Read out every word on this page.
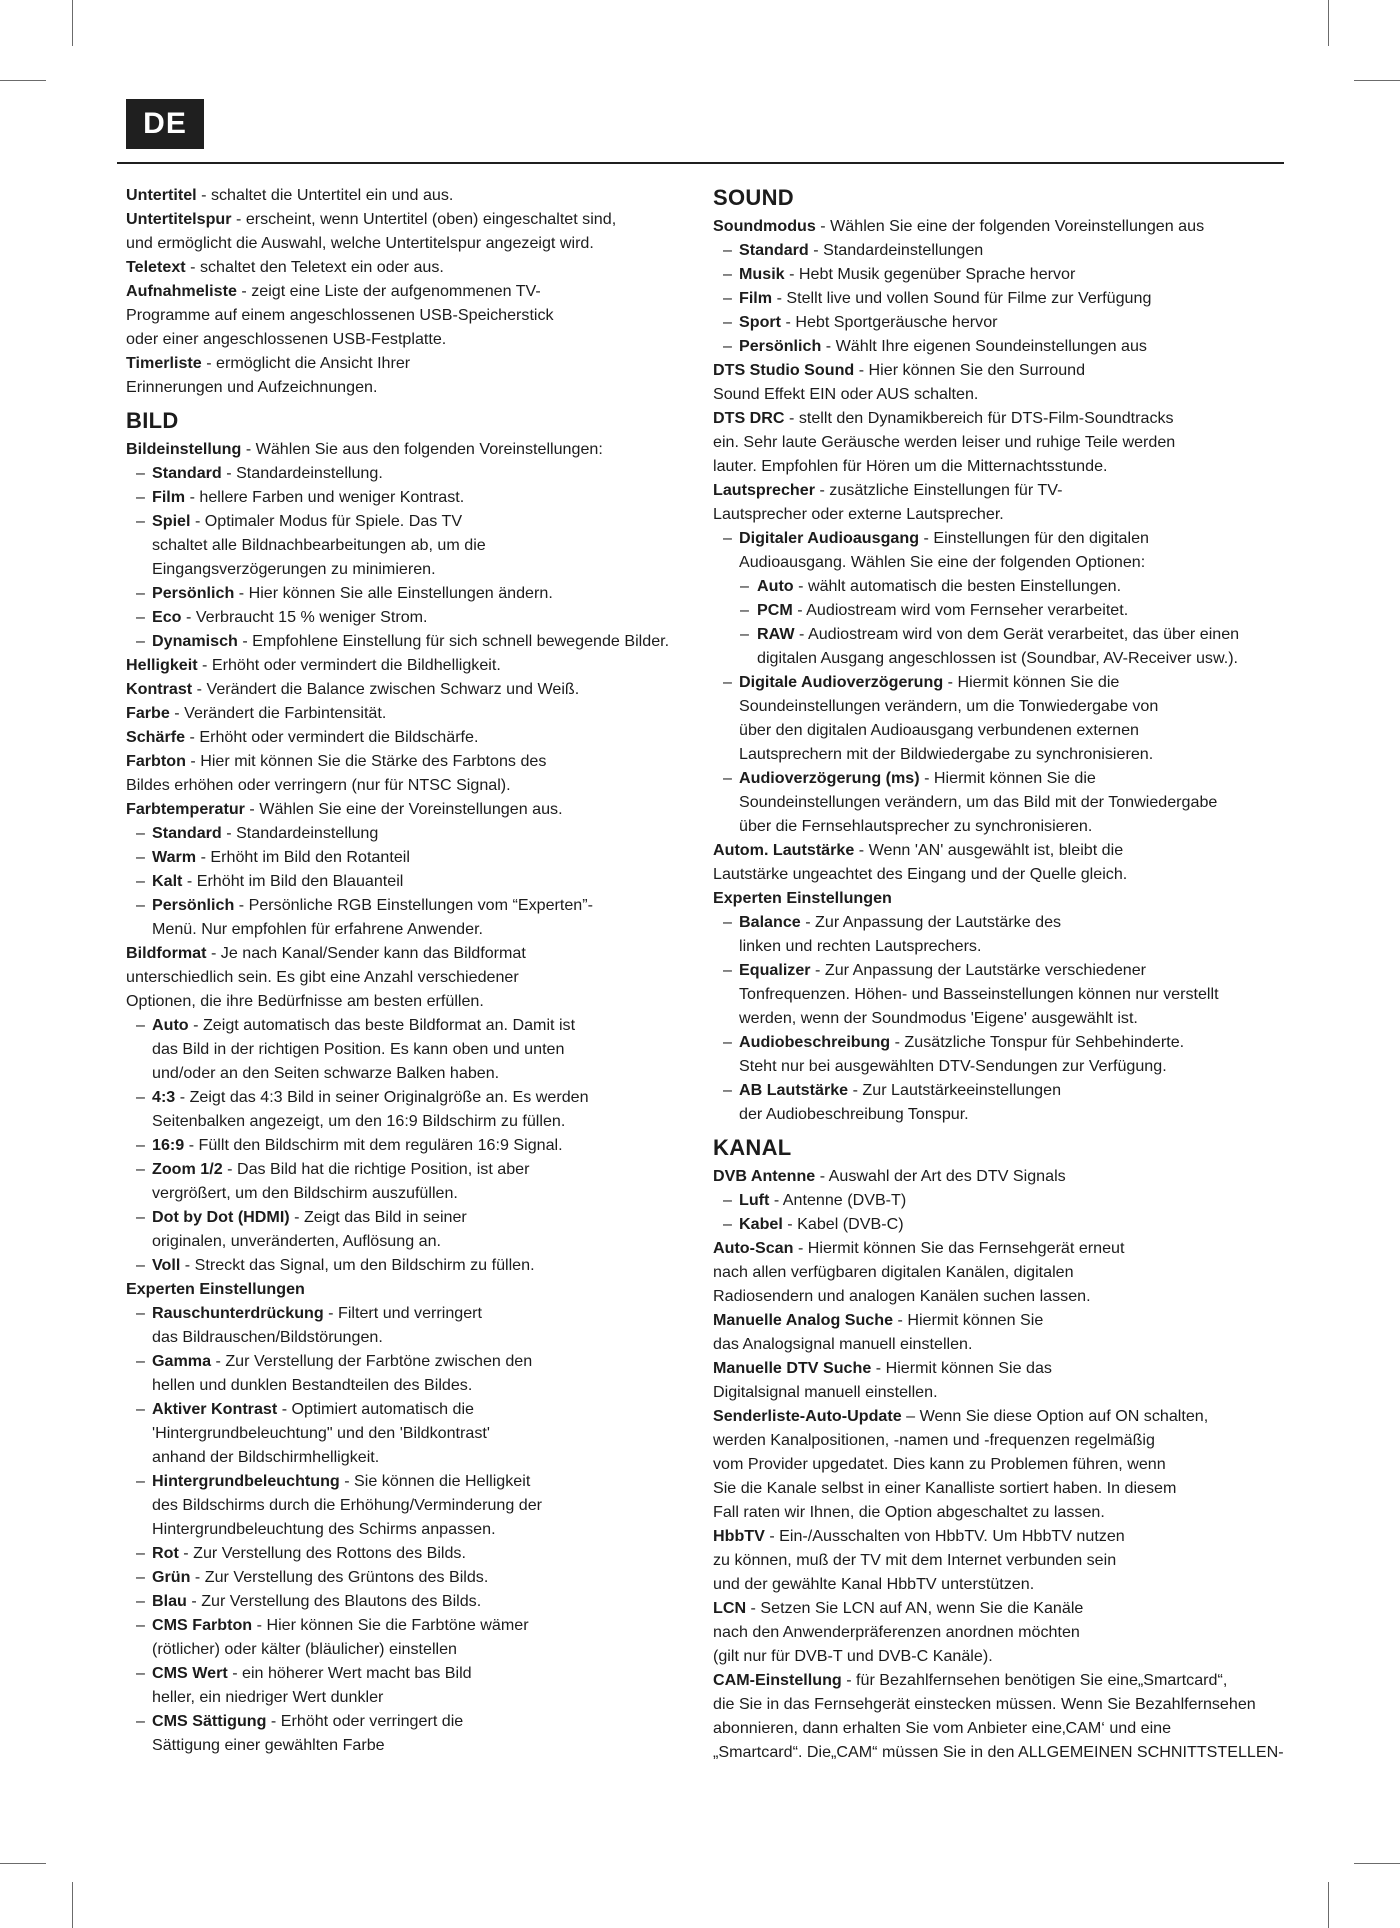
DE
Untertitel - schaltet die Untertitel ein und aus.
Untertitelspur - erscheint, wenn Untertitel (oben) eingeschaltet sind,
und ermöglicht die Auswahl, welche Untertitelspur angezeigt wird.
Teletext - schaltet den Teletext ein oder aus.
Aufnahmeliste - zeigt eine Liste der aufgenommenen TV-
Programme auf einem angeschlossenen USB-Speicherstick
oder einer angeschlossenen USB-Festplatte.
Timerliste - ermöglicht die Ansicht Ihrer
Erinnerungen und Aufzeichnungen.
BILD
Bildeinstellung - Wählen Sie aus den folgenden Voreinstellungen:
– Standard - Standardeinstellung.
– Film - hellere Farben und weniger Kontrast.
– Spiel - Optimaler Modus für Spiele. Das TV
schaltet alle Bildnachbearbeitungen ab, um die
Eingangsverzögerungen zu minimieren.
– Persönlich - Hier können Sie alle Einstellungen ändern.
– Eco - Verbraucht 15 % weniger Strom.
– Dynamisch - Empfohlene Einstellung für sich schnell bewegende Bilder.
Helligkeit - Erhöht oder vermindert die Bildhelligkeit.
Kontrast - Verändert die Balance zwischen Schwarz und Weiß.
Farbe - Verändert die Farbintensität.
Schärfe - Erhöht oder vermindert die Bildschärfe.
Farbton - Hier mit können Sie die Stärke des Farbtons des
Bildes erhöhen oder verringern (nur für NTSC Signal).
Farbtemperatur - Wählen Sie eine der Voreinstellungen aus.
– Standard - Standardeinstellung
– Warm - Erhöht im Bild den Rotanteil
– Kalt - Erhöht im Bild den Blauanteil
– Persönlich - Persönliche RGB Einstellungen vom “Experten”-
Menü. Nur empfohlen für erfahrene Anwender.
Bildformat - Je nach Kanal/Sender kann das Bildformat
unterschiedlich sein. Es gibt eine Anzahl verschiedener
Optionen, die ihre Bedürfnisse am besten erfüllen.
– Auto - Zeigt automatisch das beste Bildformat an. Damit ist
das Bild in der richtigen Position. Es kann oben und unten
und/oder an den Seiten schwarze Balken haben.
– 4:3 - Zeigt das 4:3 Bild in seiner Originalgröße an. Es werden
Seitenbalken angezeigt, um den 16:9 Bildschirm zu füllen.
– 16:9 - Füllt den Bildschirm mit dem regulären 16:9 Signal.
– Zoom 1/2 - Das Bild hat die richtige Position, ist aber
vergrößert, um den Bildschirm auszufüllen.
– Dot by Dot (HDMI) - Zeigt das Bild in seiner
originalen, unveränderten, Auflösung an.
– Voll - Streckt das Signal, um den Bildschirm zu füllen.
Experten Einstellungen
– Rauschunterdrückung - Filtert und verringert
das Bildrauschen/Bildstörungen.
– Gamma - Zur Verstellung der Farbtöne zwischen den
hellen und dunklen Bestandteilen des Bildes.
– Aktiver Kontrast - Optimiert automatisch die
'Hintergrundbeleuchtung" und den 'Bildkontrast'
anhand der Bildschirmhelligkeit.
– Hintergrundbeleuchtung - Sie können die Helligkeit
des Bildschirms durch die Erhöhung/Verminderung der
Hintergrundbeleuchtung des Schirms anpassen.
– Rot - Zur Verstellung des Rottons des Bilds.
– Grün - Zur Verstellung des Grüntons des Bilds.
– Blau - Zur Verstellung des Blautons des Bilds.
– CMS Farbton - Hier können Sie die Farbtöne wämer
(rötlicher) oder kälter (bläulicher) einstellen
– CMS Wert - ein höherer Wert macht bas Bild
heller, ein niedriger Wert dunkler
– CMS Sättigung - Erhöht oder verringert die
Sättigung einer gewählten Farbe
SOUND
Soundmodus - Wählen Sie eine der folgenden Voreinstellungen aus
– Standard - Standardeinstellungen
– Musik - Hebt Musik gegenüber Sprache hervor
– Film - Stellt live und vollen Sound für Filme zur Verfügung
– Sport - Hebt Sportgeräusche hervor
– Persönlich - Wählt Ihre eigenen Soundeinstellungen aus
DTS Studio Sound - Hier können Sie den Surround
Sound Effekt EIN oder AUS schalten.
DTS DRC - stellt den Dynamikbereich für DTS-Film-Soundtracks
ein. Sehr laute Geräusche werden leiser und ruhige Teile werden
lauter. Empfohlen für Hören um die Mitternachtsstunde.
Lautsprecher - zusätzliche Einstellungen für TV-
Lautsprecher oder externe Lautsprecher.
– Digitaler Audioausgang - Einstellungen für den digitalen
Audioausgang. Wählen Sie eine der folgenden Optionen:
– Auto - wählt automatisch die besten Einstellungen.
– PCM - Audiostream wird vom Fernseher verarbeitet.
– RAW - Audiostream wird von dem Gerät verarbeitet, das über einen
digitalen Ausgang angeschlossen ist (Soundbar, AV-Receiver usw.).
– Digitale Audioverzögerung - Hiermit können Sie die
Soundeinstellungen verändern, um die Tonwiedergabe von
über den digitalen Audioausgang verbundenen externen
Lautsprechern mit der Bildwiedergabe zu synchronisieren.
– Audioverzögerung (ms) - Hiermit können Sie die
Soundeinstellungen verändern, um das Bild mit der Tonwiedergabe
über die Fernsehlautsprecher zu synchronisieren.
Autom. Lautstärke - Wenn 'AN' ausgewählt ist, bleibt die
Lautstärke ungeachtet des Eingang und der Quelle gleich.
Experten Einstellungen
– Balance - Zur Anpassung der Lautstärke des
linken und rechten Lautsprechers.
– Equalizer - Zur Anpassung der Lautstärke verschiedener
Tonfrequenzen. Höhen- und Basseinstellungen können nur verstellt
werden, wenn der Soundmodus 'Eigene' ausgewählt ist.
– Audiobeschreibung - Zusätzliche Tonspur für Sehbehinderte.
Steht nur bei ausgewählten DTV-Sendungen zur Verfügung.
– AB Lautstärke - Zur Lautstärkeeinstellungen
der Audiobeschreibung Tonspur.
KANAL
DVB Antenne - Auswahl der Art des DTV Signals
– Luft - Antenne (DVB-T)
– Kabel - Kabel (DVB-C)
Auto-Scan - Hiermit können Sie das Fernsehgerät erneut
nach allen verfügbaren digitalen Kanälen, digitalen
Radiosendern und analogen Kanälen suchen lassen.
Manuelle Analog Suche - Hiermit können Sie
das Analogsignal manuell einstellen.
Manuelle DTV Suche - Hiermit können Sie das
Digitalsignal manuell einstellen.
Senderliste-Auto-Update – Wenn Sie diese Option auf ON schalten,
werden Kanalpositionen, -namen und -frequenzen regelmäßig
vom Provider upgedatet. Dies kann zu Problemen führen, wenn
Sie die Kanale selbst in einer Kanalliste sortiert haben. In diesem
Fall raten wir Ihnen, die Option abgeschaltet zu lassen.
HbbTV - Ein-/Ausschalten von HbbTV. Um HbbTV nutzen
zu können, muß der TV mit dem Internet verbunden sein
und der gewählte Kanal HbbTV unterstützen.
LCN - Setzen Sie LCN auf AN, wenn Sie die Kanäle
nach den Anwenderpräferenzen anordnen möchten
(gilt nur für DVB-T und DVB-C Kanäle).
CAM-Einstellung - für Bezahlfernsehen benötigen Sie eine„Smartcard“,
die Sie in das Fernsehgerät einstecken müssen. Wenn Sie Bezahlfernsehen
abonnieren, dann erhalten Sie vom Anbieter eine‚CAM‘ und eine
„Smartcard“. Die„CAM“ müssen Sie in den ALLGEMEINEN SCHNITTSTELLEN-
